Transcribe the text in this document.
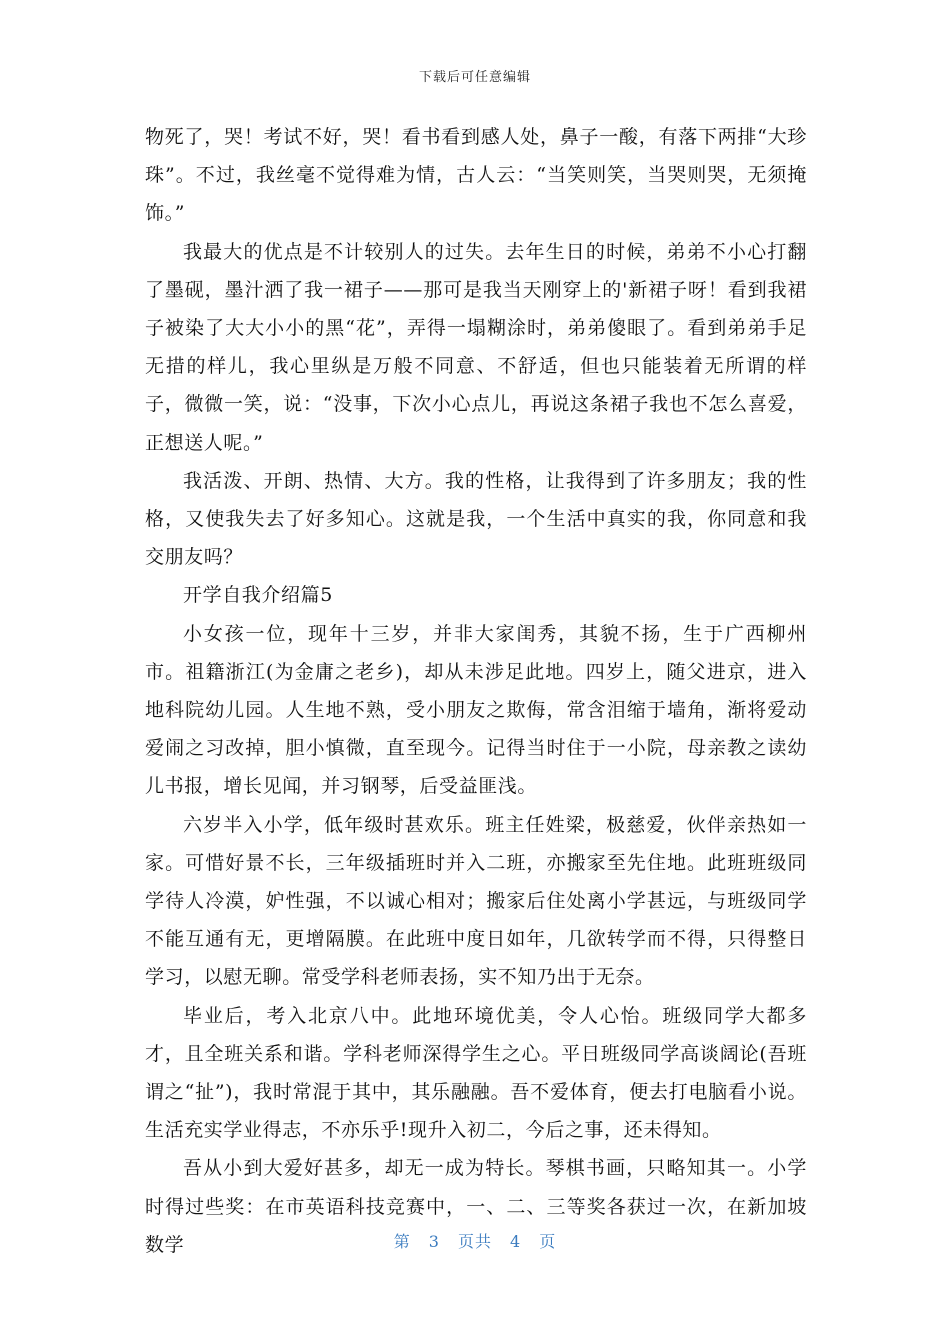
下载后可任意编辑

物死了，哭！考试不好，哭！看书看到感人处，鼻子一酸，有落下两排“大珍珠”。不过，我丝毫不觉得难为情，古人云：“当笑则笑，当哭则哭，无须掩饰。”

我最大的优点是不计较别人的过失。去年生日的时候，弟弟不小心打翻了墨砚，墨汁洒了我一裙子——那可是我当天刚穿上的'新裙子呀！看到我裙子被染了大大小小的黑“花”，弄得一塌糊涂时，弟弟傻眼了。看到弟弟手足无措的样儿，我心里纵是万般不同意、不舒适，但也只能装着无所谓的样子，微微一笑，说：“没事，下次小心点儿，再说这条裙子我也不怎么喜爱，正想送人呢。”

我活泼、开朗、热情、大方。我的性格，让我得到了许多朋友；我的性格，又使我失去了好多知心。这就是我，一个生活中真实的我，你同意和我交朋友吗？

开学自我介绍篇5

小女孩一位，现年十三岁，并非大家闺秀，其貌不扬，生于广西柳州市。祖籍浙江(为金庸之老乡)，却从未涉足此地。四岁上，随父进京，进入地科院幼儿园。人生地不熟，受小朋友之欺侮，常含泪缩于墙角，渐将爱动爱闹之习改掉，胆小慎微，直至现今。记得当时住于一小院，母亲教之读幼儿书报，增长见闻，并习钢琴，后受益匪浅。

六岁半入小学，低年级时甚欢乐。班主任姓梁，极慈爱，伙伴亲热如一家。可惜好景不长，三年级插班时并入二班，亦搬家至先住地。此班班级同学待人冷漠，妒性强，不以诚心相对；搬家后住处离小学甚远，与班级同学不能互通有无，更增隔膜。在此班中度日如年，几欲转学而不得，只得整日学习，以慰无聊。常受学科老师表扬，实不知乃出于无奈。

毕业后，考入北京八中。此地环境优美，令人心怡。班级同学大都多才，且全班关系和谐。学科老师深得学生之心。平日班级同学高谈阔论(吾班谓之“扯”)，我时常混于其中，其乐融融。吾不爱体育，便去打电脑看小说。生活充实学业得志，不亦乐乎!现升入初二，今后之事，还未得知。

吾从小到大爱好甚多，却无一成为特长。琴棋书画，只略知其一。小学时得过些奖：在市英语科技竞赛中，一、二、三等奖各获过一次，在新加坡数学	第 3 页共 4 页
